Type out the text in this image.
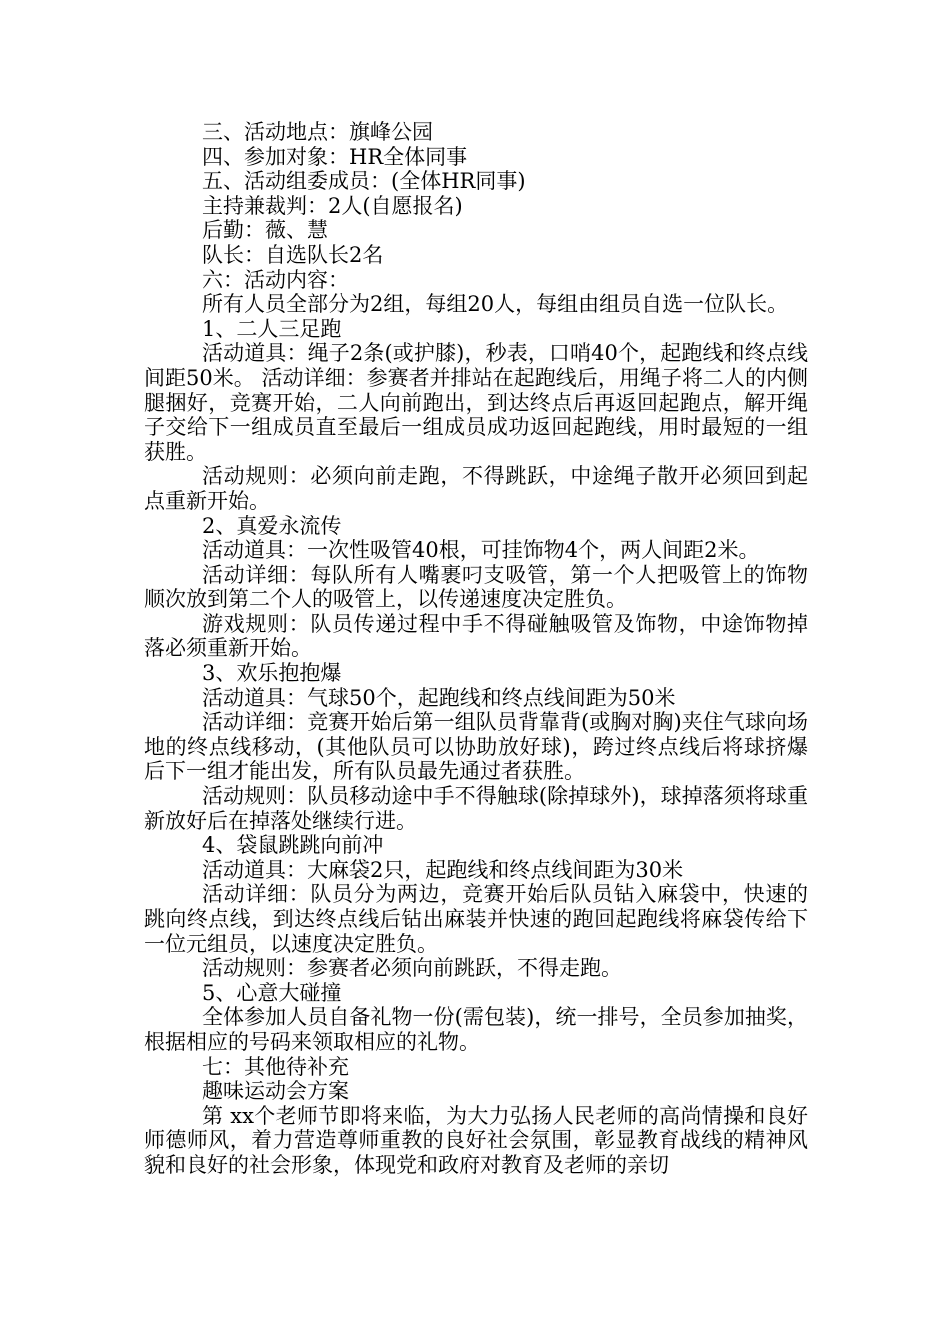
三、活动地点：旗峰公园

四、参加对象：HR全体同事

五、活动组委成员：(全体HR同事)

主持兼裁判：2人(自愿报名)

后勤：薇、慧

队长：自选队长2名

六：活动内容：

所有人员全部分为2组，每组20人，每组由组员自选一位队长。

1、二人三足跑

活动道具：绳子2条(或护膝)，秒表，口哨40个，起跑线和终点线间距50米。 活动详细：参赛者并排站在起跑线后，用绳子将二人的内侧腿捆好，竞赛开始，二人向前跑出，到达终点后再返回起跑点，解开绳子交给下一组成员直至最后一组成员成功返回起跑线，用时最短的一组获胜。

活动规则：必须向前走跑，不得跳跃，中途绳子散开必须回到起点重新开始。

2、真爱永流传

活动道具：一次性吸管40根，可挂饰物4个，两人间距2米。

活动详细：每队所有人嘴裹叼支吸管，第一个人把吸管上的饰物顺次放到第二个人的吸管上，以传递速度决定胜负。

游戏规则：队员传递过程中手不得碰触吸管及饰物，中途饰物掉落必须重新开始。

3、欢乐抱抱爆

活动道具：气球50个，起跑线和终点线间距为50米

活动详细：竞赛开始后第一组队员背靠背(或胸对胸)夹住气球向场地的终点线移动，(其他队员可以协助放好球)，跨过终点线后将球挤爆后下一组才能出发，所有队员最先通过者获胜。

活动规则：队员移动途中手不得触球(除掉球外)，球掉落须将球重新放好后在掉落处继续行进。

4、袋鼠跳跳向前冲

活动道具：大麻袋2只，起跑线和终点线间距为30米

活动详细：队员分为两边，竞赛开始后队员钻入麻袋中，快速的跳向终点线，到达终点线后钻出麻装并快速的跑回起跑线将麻袋传给下一位元组员，以速度决定胜负。

活动规则：参赛者必须向前跳跃，不得走跑。

5、心意大碰撞

全体参加人员自备礼物一份(需包装)，统一排号，全员参加抽奖，根据相应的号码来领取相应的礼物。

七：其他待补充

趣味运动会方案

第 xx个老师节即将来临，为大力弘扬人民老师的高尚情操和良好师德师风，着力营造尊师重教的良好社会氛围，彰显教育战线的精神风貌和良好的社会形象，体现党和政府对教育及老师的亲切
